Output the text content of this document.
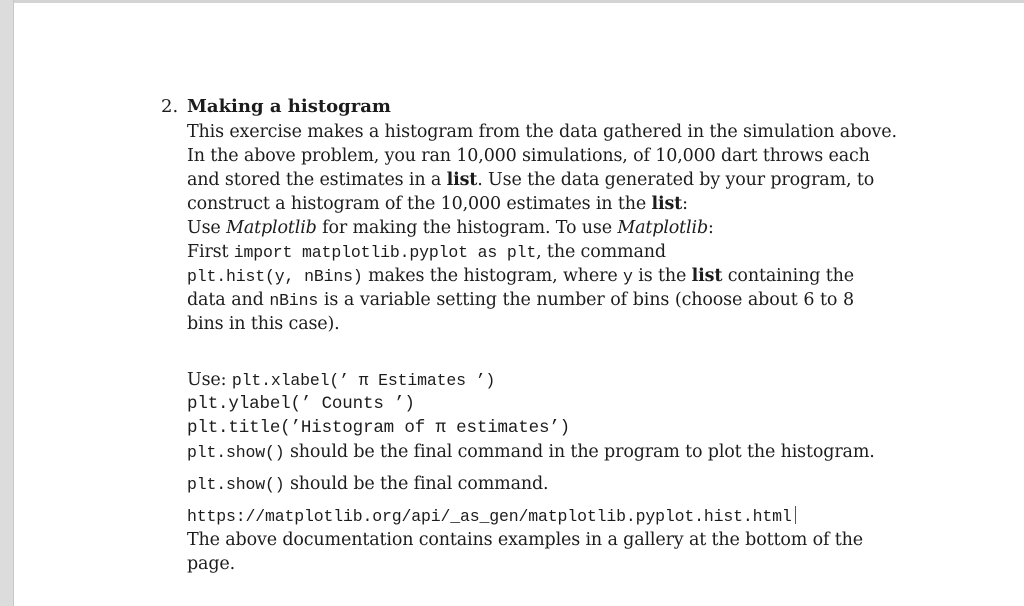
2. Making a histogram
This exercise makes a histogram from the data gathered in the simulation above.
In the above problem, you ran 10,000 simulations, of 10,000 dart throws each
and stored the estimates in a list. Use the data generated by your program, to
construct a histogram of the 10,000 estimates in the list:
Use Matplotlib for making the histogram. To use Matplotlib:
First import matplotlib.pyplot as plt, the command
plt.hist(y, nBins) makes the histogram, where y is the list containing the
data and nBins is a variable setting the number of bins (choose about 6 to 8
bins in this case).
Use: plt.xlabel(’ π Estimates ’)
plt.ylabel(’ Counts ’)
plt.title(’Histogram of π estimates’)
plt.show() should be the final command in the program to plot the histogram.
plt.show() should be the final command.
https://matplotlib.org/api/_as_gen/matplotlib.pyplot.hist.html
The above documentation contains examples in a gallery at the bottom of the
page.
